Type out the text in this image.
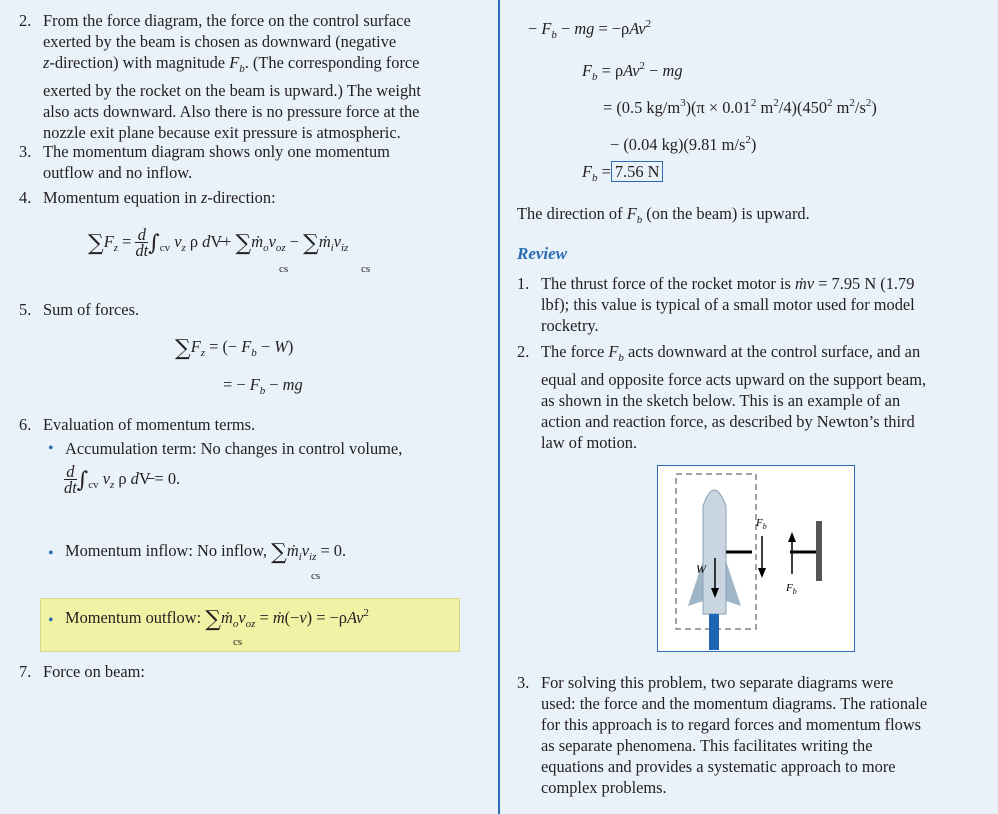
2. From the force diagram, the force on the control surface
exerted by the beam is chosen as downward (negative
z-direction) with magnitude $F_b$. (The corresponding force
exerted by the rocket on the beam is upward.) The weight
also acts downward. Also there is no pressure force at the
nozzle exit plane because exit pressure is atmospheric.
3. The momentum diagram shows only one momentum
outflow and no inflow.
4. Momentum equation in z-direction:
$\sum F_z = \frac{d}{dt}\int_{cv}$ $v_z$ ρ dV̶+ $\sum ṁ_ov_{oz}$ − $\sum ṁ_iv_{iz}$
cs	cs
5. Sum of forces.
$\sum F_z$ = (− $F_b - W$)
= − $F_b$ − mg
6. Evaluation of momentum terms.
• Accumulation term: No changes in control volume,
$\frac{d}{dt}\int_{cv}$ $v_z$ ρ dV̶ = 0.
• Momentum inflow: No inflow, $\sum ṁ_iv_{iz} = 0$.
cs
• Momentum outflow: $\sum ṁ_ov_{oz}$ = ṁ(−v) = −ρAv$^2$
cs
7. Force on beam:
− $F_b$ − mg = −ρAv$^2$
$F_b = \rho Av^2$ − mg
= (0.5 $kg/m^3)(\pi \times 0.01^2$ $m^2/4)(450^2$ $m^2/s^2$)
− (0.04 kg)(9.81 $m/s^2$)
$F_b = 7.56$ N
The direction of $F_b$ (on the beam) is upward.
Review
1. The thrust force of the rocket motor is ṁv = 7.95 N (1.79
lbf); this value is typical of a small motor used for model
rocketry.
2. The force $F_b$ acts downward at the control surface, and an
equal and opposite force acts upward on the support beam,
as shown in the sketch below. This is an example of an
action and reaction force, as described by Newton’s third
law of motion.
W
$F_b$
$F_b$
3. For solving this problem, two separate diagrams were
used: the force and the momentum diagrams. The rationale
for this approach is to regard forces and momentum flows
as separate phenomena. This facilitates writing the
equations and provides a systematic approach to more
complex problems.
